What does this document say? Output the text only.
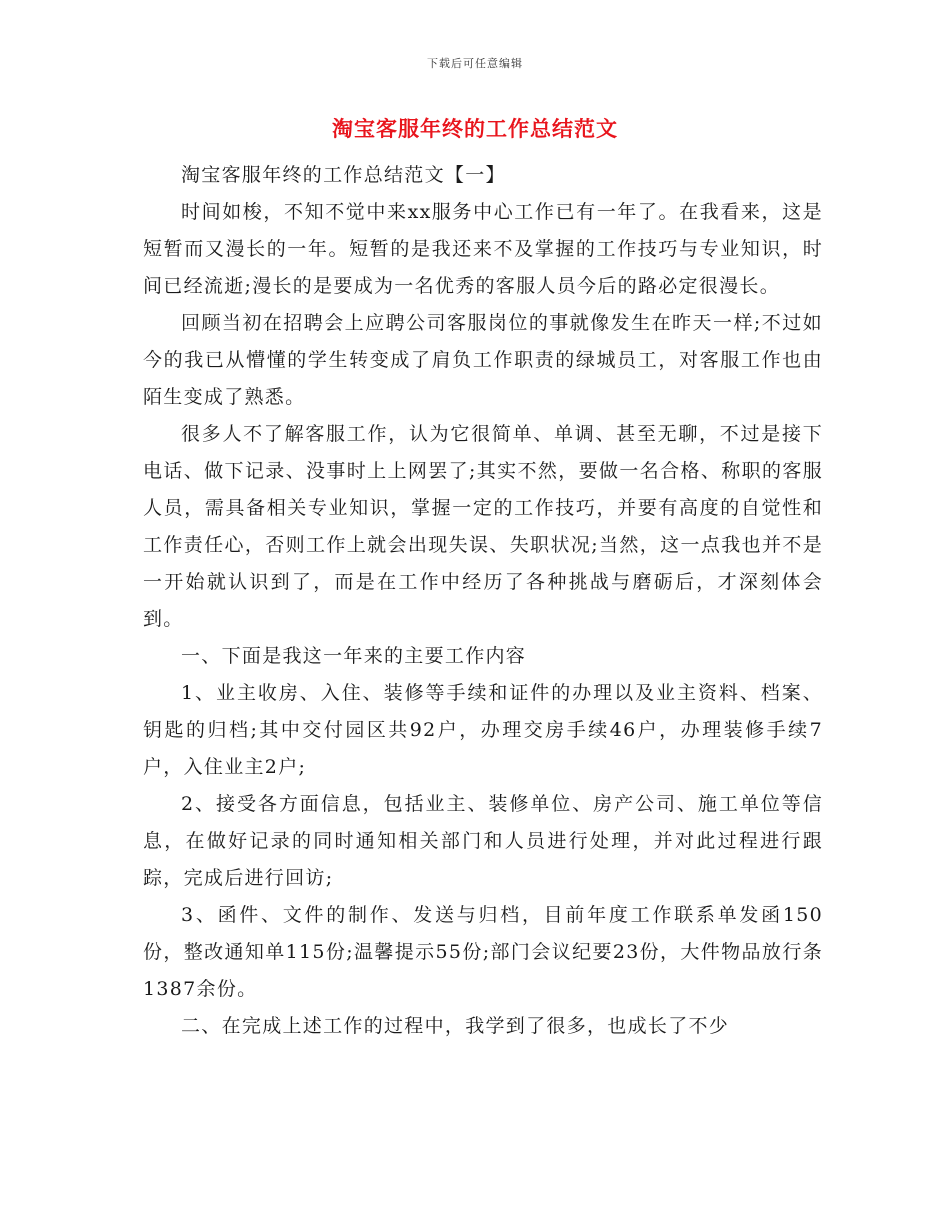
下载后可任意编辑
淘宝客服年终的工作总结范文

淘宝客服年终的工作总结范文【一】

时间如梭，不知不觉中来xx服务中心工作已有一年了。在我看来，这是短暂而又漫长的一年。短暂的是我还来不及掌握的工作技巧与专业知识，时间已经流逝;漫长的是要成为一名优秀的客服人员今后的路必定很漫长。

回顾当初在招聘会上应聘公司客服岗位的事就像发生在昨天一样;不过如今的我已从懵懂的学生转变成了肩负工作职责的绿城员工，对客服工作也由陌生变成了熟悉。

很多人不了解客服工作，认为它很简单、单调、甚至无聊，不过是接下电话、做下记录、没事时上上网罢了;其实不然，要做一名合格、称职的客服人员，需具备相关专业知识，掌握一定的工作技巧，并要有高度的自觉性和工作责任心，否则工作上就会出现失误、失职状况;当然，这一点我也并不是一开始就认识到了，而是在工作中经历了各种挑战与磨砺后，才深刻体会到。

一、下面是我这一年来的主要工作内容

1、业主收房、入住、装修等手续和证件的办理以及业主资料、档案、钥匙的归档;其中交付园区共92户，办理交房手续46户，办理装修手续7户，入住业主2户;

2、接受各方面信息，包括业主、装修单位、房产公司、施工单位等信息，在做好记录的同时通知相关部门和人员进行处理，并对此过程进行跟踪，完成后进行回访;

3、函件、文件的制作、发送与归档，目前年度工作联系单发函150份，整改通知单115份;温馨提示55份;部门会议纪要23份，大件物品放行条1387余份。

二、在完成上述工作的过程中，我学到了很多，也成长了不少
